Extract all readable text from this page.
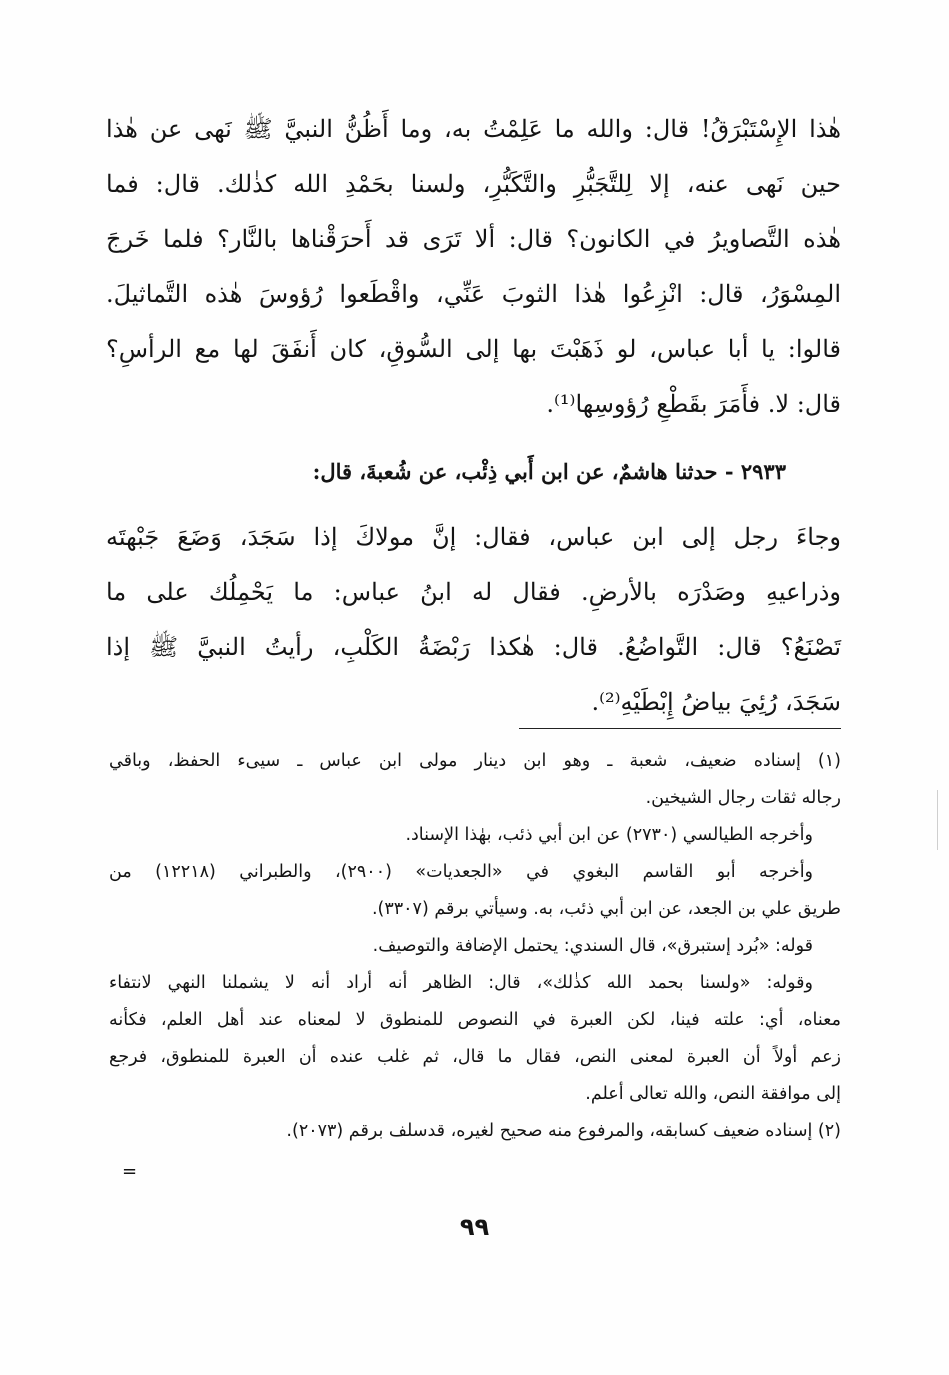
هٰذا الإِسْتَبْرَقُ! قال: والله ما عَلِمْتُ به، وما أَظُنُّ النبيَّ ﷺ نَهى عن هٰذا
حين نَهى عنه، إلا لِلتَّجَبُّرِ والتَّكَبُّرِ، ولسنا بحَمْدِ الله كذٰلك. قال: فما
هٰذه التَّصاويرُ في الكانون؟ قال: ألا تَرَى قد أَحرَقْناها بالنَّار؟ فلما خَرجَ
المِسْوَرُ، قال: انْزِعُوا هٰذا الثوبَ عَنِّي، واقْطَعوا رُؤوسَ هٰذه التَّماثيلَ.
قالوا: يا أبا عباس، لو ذَهَبْتَ بها إلى السُّوقِ، كان أَنفَقَ لها مع الرأسِ؟
قال: لا. فأَمَرَ بقَطْعِ رُؤوسِها⁽¹⁾.
٢٩٣٣ - حدثنا هاشمٌ، عن ابن أَبي ذِئْب، عن شُعبةَ، قال:
وجاءَ رجل إلى ابن عباس، فقال: إنَّ مولاكَ إذا سَجَدَ، وَضَعَ جَبْهتَه
وذراعيهِ وصَدْرَه بالأرضِ. فقال له ابنُ عباس: ما يَحْمِلُك على ما
تَصْنَعُ؟ قال: التَّواضُعُ. قال: هٰكذا رَبْضَةُ الكَلْبِ، رأيتُ النبيَّ ﷺ إذا
سَجَدَ، رُئِيَ بياضُ إِبْطَيْهِ⁽²⁾.
(١) إسناده ضعيف، شعبة ـ وهو ابن دينار مولى ابن عباس ـ سيىء الحفظ، وباقي
رجاله ثقات رجال الشيخين.
وأخرجه الطيالسي (٢٧٣٠) عن ابن أبي ذئب، بهٰذا الإسناد.
وأخرجه أبو القاسم البغوي في «الجعديات» (٢٩٠٠)، والطبراني (١٢٢١٨) من
طريق علي بن الجعد، عن ابن أبي ذئب، به. وسيأتي برقم (٣٣٠٧).
قوله: «بُرد إستبرق»، قال السندي: يحتمل الإضافة والتوصيف.
وقوله: «ولسنا بحمد الله كذٰلك»، قال: الظاهر أنه أراد أنه لا يشملنا النهي لانتفاء
معناه، أي: علته فينا، لكن العبرة في النصوص للمنطوق لا لمعناه عند أهل العلم، فكأنه
زعم أولاً أن العبرة لمعنى النص، فقال ما قال، ثم غلب عنده أن العبرة للمنطوق، فرجع
إلى موافقة النص، والله تعالى أعلم.
(٢) إسناده ضعيف كسابقه، والمرفوع منه صحيح لغيره، قدسلف برقم (٢٠٧٣).
=
٩٩
